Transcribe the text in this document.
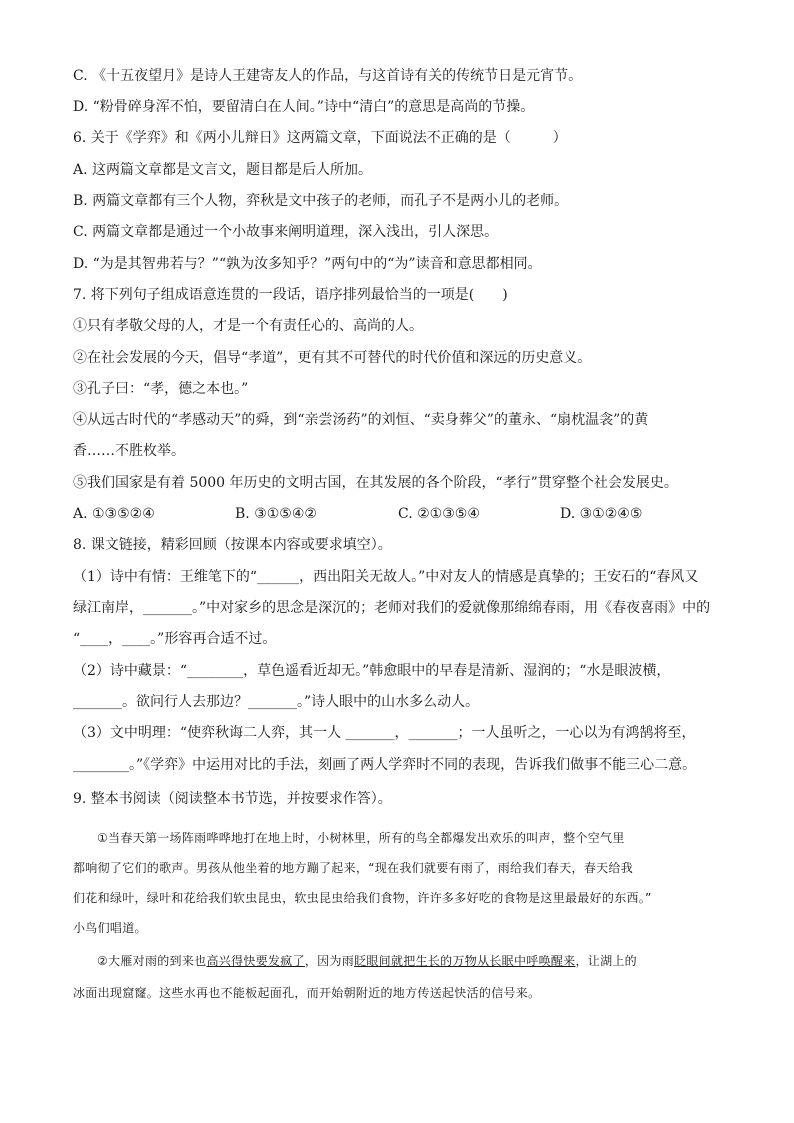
C. 《十五夜望月》是诗人王建寄友人的作品，与这首诗有关的传统节日是元宵节。
D. “粉骨碎身浑不怕，要留清白在人间。”诗中“清白”的意思是高尚的节操。
6. 关于《学弈》和《两小儿辩日》这两篇文章，下面说法不正确的是（　　　）
A. 这两篇文章都是文言文，题目都是后人所加。
B. 两篇文章都有三个人物，弈秋是文中孩子的老师，而孔子不是两小儿的老师。
C. 两篇文章都是通过一个小故事来阐明道理，深入浅出，引人深思。
D. “为是其智弗若与？”“孰为汝多知乎？”两句中的“为”读音和意思都相同。
7. 将下列句子组成语意连贯的一段话，语序排列最恰当的一项是(　　)
①只有孝敬父母的人，才是一个有责任心的、高尚的人。
②在社会发展的今天，倡导“孝道”，更有其不可替代的时代价值和深远的历史意义。
③孔子曰：“孝，德之本也。”
④从远古时代的“孝感动天”的舜，到“亲尝汤药”的刘恒、“卖身葬父”的董永、“扇枕温衾”的黄
香……不胜枚举。
⑤我们国家是有着 5000 年历史的文明古国，在其发展的各个阶段，“孝行”贯穿整个社会发展史。
A. ①③⑤②④	B. ③①⑤④②	C. ②①③⑤④	D. ③①②④⑤
8. 课文链接，精彩回顾（按课本内容或要求填空）。
（1）诗中有情：王维笔下的“______，西出阳关无故人。”中对友人的情感是真挚的；王安石的“春风又
绿江南岸，_______。”中对家乡的思念是深沉的；老师对我们的爱就像那绵绵春雨，用《春夜喜雨》中的
“____，____。”形容再合适不过。
（2）诗中藏景：“________，草色遥看近却无。”韩愈眼中的早春是清新、湿润的；“水是眼波横，
_______。欲问行人去那边？_______。”诗人眼中的山水多么动人。
（3）文中明理：“使弈秋诲二人弈，其一人 _______，_______；一人虽听之，一心以为有鸿鹄将至，
________。”《学弈》中运用对比的手法，刻画了两人学弈时不同的表现，告诉我们做事不能三心二意。
9. 整本书阅读（阅读整本书节选，并按要求作答）。
①当春天第一场阵雨哗哗地打在地上时，小树林里，所有的鸟全都爆发出欢乐的叫声，整个空气里
都响彻了它们的歌声。男孩从他坐着的地方蹦了起来，“现在我们就要有雨了，雨给我们春天，春天给我
们花和绿叶，绿叶和花给我们软虫昆虫，软虫昆虫给我们食物，许许多多好吃的食物是这里最最好的东西。”
小鸟们唱道。
②大雁对雨的到来也高兴得快要发疯了，因为雨眨眼间就把生长的万物从长眠中呼唤醒来，让湖上的
冰面出现窟窿。这些水再也不能板起面孔，而开始朝附近的地方传送起快活的信号来。
